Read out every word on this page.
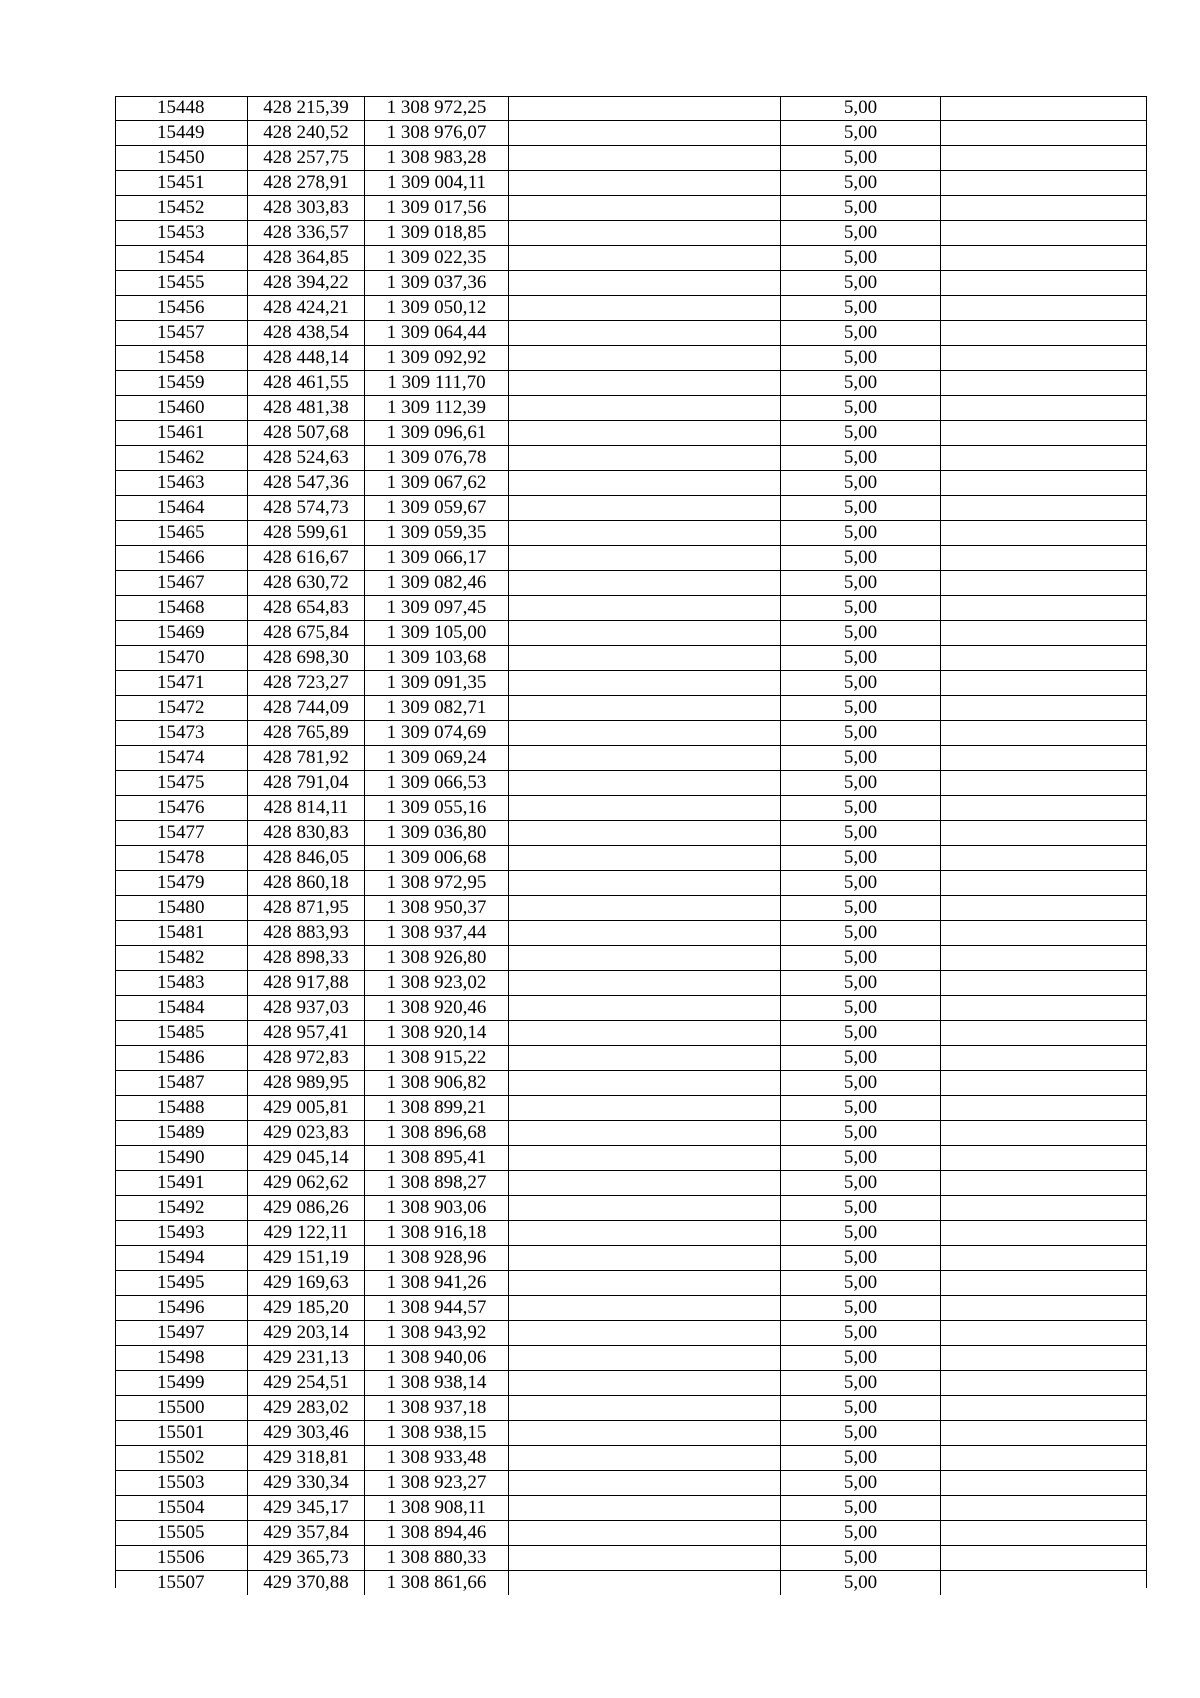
15448	428 215,39	1 308 972,25		5,00	
15449	428 240,52	1 308 976,07		5,00	
15450	428 257,75	1 308 983,28		5,00	
15451	428 278,91	1 309 004,11		5,00	
15452	428 303,83	1 309 017,56		5,00	
15453	428 336,57	1 309 018,85		5,00	
15454	428 364,85	1 309 022,35		5,00	
15455	428 394,22	1 309 037,36		5,00	
15456	428 424,21	1 309 050,12		5,00	
15457	428 438,54	1 309 064,44		5,00	
15458	428 448,14	1 309 092,92		5,00	
15459	428 461,55	1 309 111,70		5,00	
15460	428 481,38	1 309 112,39		5,00	
15461	428 507,68	1 309 096,61		5,00	
15462	428 524,63	1 309 076,78		5,00	
15463	428 547,36	1 309 067,62		5,00	
15464	428 574,73	1 309 059,67		5,00	
15465	428 599,61	1 309 059,35		5,00	
15466	428 616,67	1 309 066,17		5,00	
15467	428 630,72	1 309 082,46		5,00	
15468	428 654,83	1 309 097,45		5,00	
15469	428 675,84	1 309 105,00		5,00	
15470	428 698,30	1 309 103,68		5,00	
15471	428 723,27	1 309 091,35		5,00	
15472	428 744,09	1 309 082,71		5,00	
15473	428 765,89	1 309 074,69		5,00	
15474	428 781,92	1 309 069,24		5,00	
15475	428 791,04	1 309 066,53		5,00	
15476	428 814,11	1 309 055,16		5,00	
15477	428 830,83	1 309 036,80		5,00	
15478	428 846,05	1 309 006,68		5,00	
15479	428 860,18	1 308 972,95		5,00	
15480	428 871,95	1 308 950,37		5,00	
15481	428 883,93	1 308 937,44		5,00	
15482	428 898,33	1 308 926,80		5,00	
15483	428 917,88	1 308 923,02		5,00	
15484	428 937,03	1 308 920,46		5,00	
15485	428 957,41	1 308 920,14		5,00	
15486	428 972,83	1 308 915,22		5,00	
15487	428 989,95	1 308 906,82		5,00	
15488	429 005,81	1 308 899,21		5,00	
15489	429 023,83	1 308 896,68		5,00	
15490	429 045,14	1 308 895,41		5,00	
15491	429 062,62	1 308 898,27		5,00	
15492	429 086,26	1 308 903,06		5,00	
15493	429 122,11	1 308 916,18		5,00	
15494	429 151,19	1 308 928,96		5,00	
15495	429 169,63	1 308 941,26		5,00	
15496	429 185,20	1 308 944,57		5,00	
15497	429 203,14	1 308 943,92		5,00	
15498	429 231,13	1 308 940,06		5,00	
15499	429 254,51	1 308 938,14		5,00	
15500	429 283,02	1 308 937,18		5,00	
15501	429 303,46	1 308 938,15		5,00	
15502	429 318,81	1 308 933,48		5,00	
15503	429 330,34	1 308 923,27		5,00	
15504	429 345,17	1 308 908,11		5,00	
15505	429 357,84	1 308 894,46		5,00	
15506	429 365,73	1 308 880,33		5,00	
15507	429 370,88	1 308 861,66		5,00	
